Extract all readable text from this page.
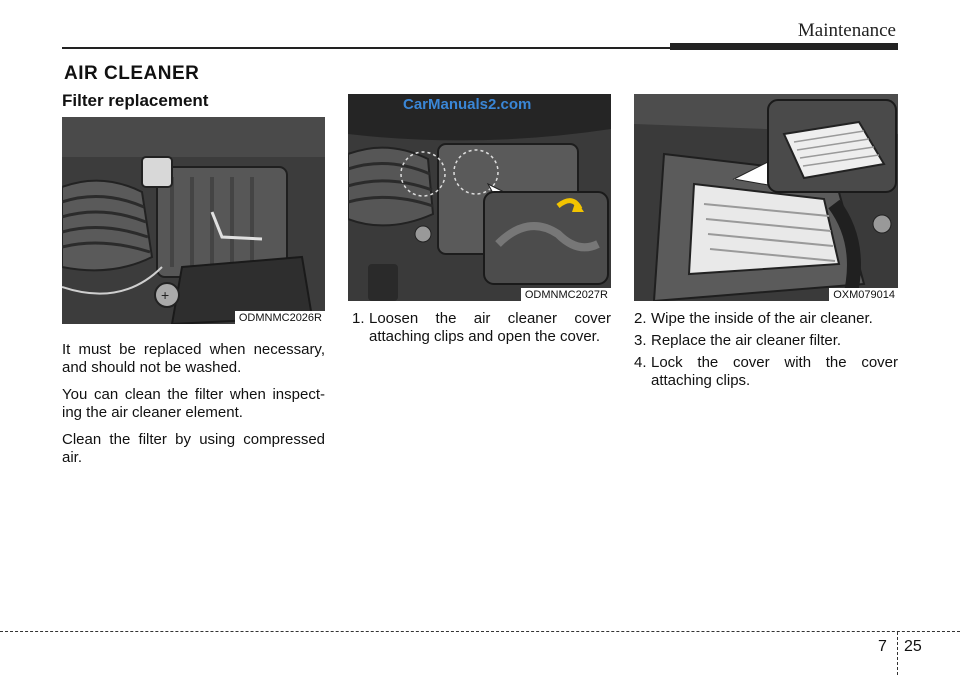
Maintenance
AIR CLEANER
Filter replacement
+
ODMNMC2026R
CarManuals2.com
ODMNMC2027R	OXM079014

It must be replaced when necessary, and should not be washed.

You can clean the filter when inspect-ing the air cleaner element.

Clean the filter by using compressed air.

1. Loosen the air cleaner cover attaching clips and open the cover.
2. Wipe the inside of the air cleaner.
3. Replace the air cleaner filter.
4. Lock the cover with the cover attaching clips.
7 25
